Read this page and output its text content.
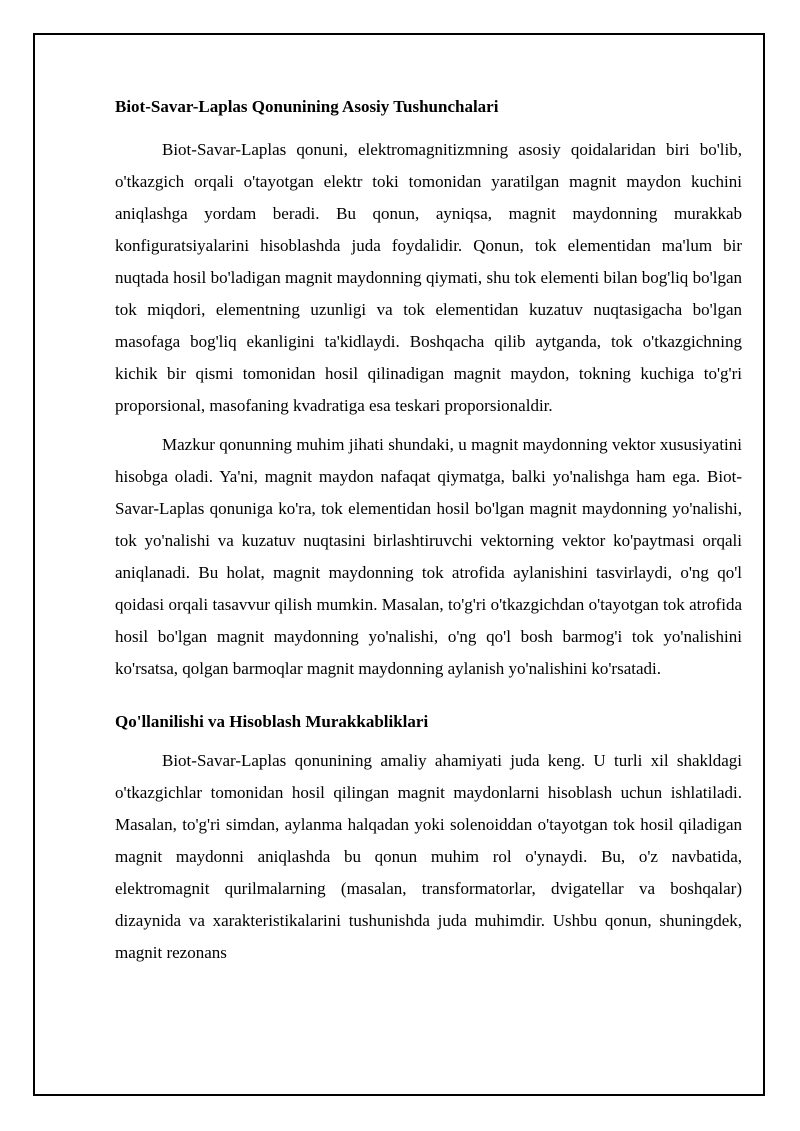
Biot-Savar-Laplas Qonunining Asosiy Tushunchalari

Biot-Savar-Laplas qonuni, elektromagnitizmning asosiy qoidalaridan biri bo'lib, o'tkazgich orqali o'tayotgan elektr toki tomonidan yaratilgan magnit maydon kuchini aniqlashga yordam beradi. Bu qonun, ayniqsa, magnit maydonning murakkab konfiguratsiyalarini hisoblashda juda foydalidir. Qonun, tok elementidan ma'lum bir nuqtada hosil bo'ladigan magnit maydonning qiymati, shu tok elementi bilan bog'liq bo'lgan tok miqdori, elementning uzunligi va tok elementidan kuzatuv nuqtasigacha bo'lgan masofaga bog'liq ekanligini ta'kidlaydi. Boshqacha qilib aytganda, tok o'tkazgichning kichik bir qismi tomonidan hosil qilinadigan magnit maydon, tokning kuchiga to'g'ri proporsional, masofaning kvadratiga esa teskari proporsionaldir.

Mazkur qonunning muhim jihati shundaki, u magnit maydonning vektor xususiyatini hisobga oladi. Ya'ni, magnit maydon nafaqat qiymatga, balki yo'nalishga ham ega. Biot-Savar-Laplas qonuniga ko'ra, tok elementidan hosil bo'lgan magnit maydonning yo'nalishi, tok yo'nalishi va kuzatuv nuqtasini birlashtiruvchi vektorning vektor ko'paytmasi orqali aniqlanadi. Bu holat, magnit maydonning tok atrofida aylanishini tasvirlaydi, o'ng qo'l qoidasi orqali tasavvur qilish mumkin. Masalan, to'g'ri o'tkazgichdan o'tayotgan tok atrofida hosil bo'lgan magnit maydonning yo'nalishi, o'ng qo'l bosh barmog'i tok yo'nalishini ko'rsatsa, qolgan barmoqlar magnit maydonning aylanish yo'nalishini ko'rsatadi.

Qo'llanilishi va Hisoblash Murakkabliklari

Biot-Savar-Laplas qonunining amaliy ahamiyati juda keng. U turli xil shakldagi o'tkazgichlar tomonidan hosil qilingan magnit maydonlarni hisoblash uchun ishlatiladi. Masalan, to'g'ri simdan, aylanma halqadan yoki solenoiddan o'tayotgan tok hosil qiladigan magnit maydonni aniqlashda bu qonun muhim rol o'ynaydi. Bu, o'z navbatida, elektromagnit qurilmalarning (masalan, transformatorlar, dvigatellar va boshqalar) dizaynida va xarakteristikalarini tushunishda juda muhimdir. Ushbu qonun, shuningdek, magnit rezonans
